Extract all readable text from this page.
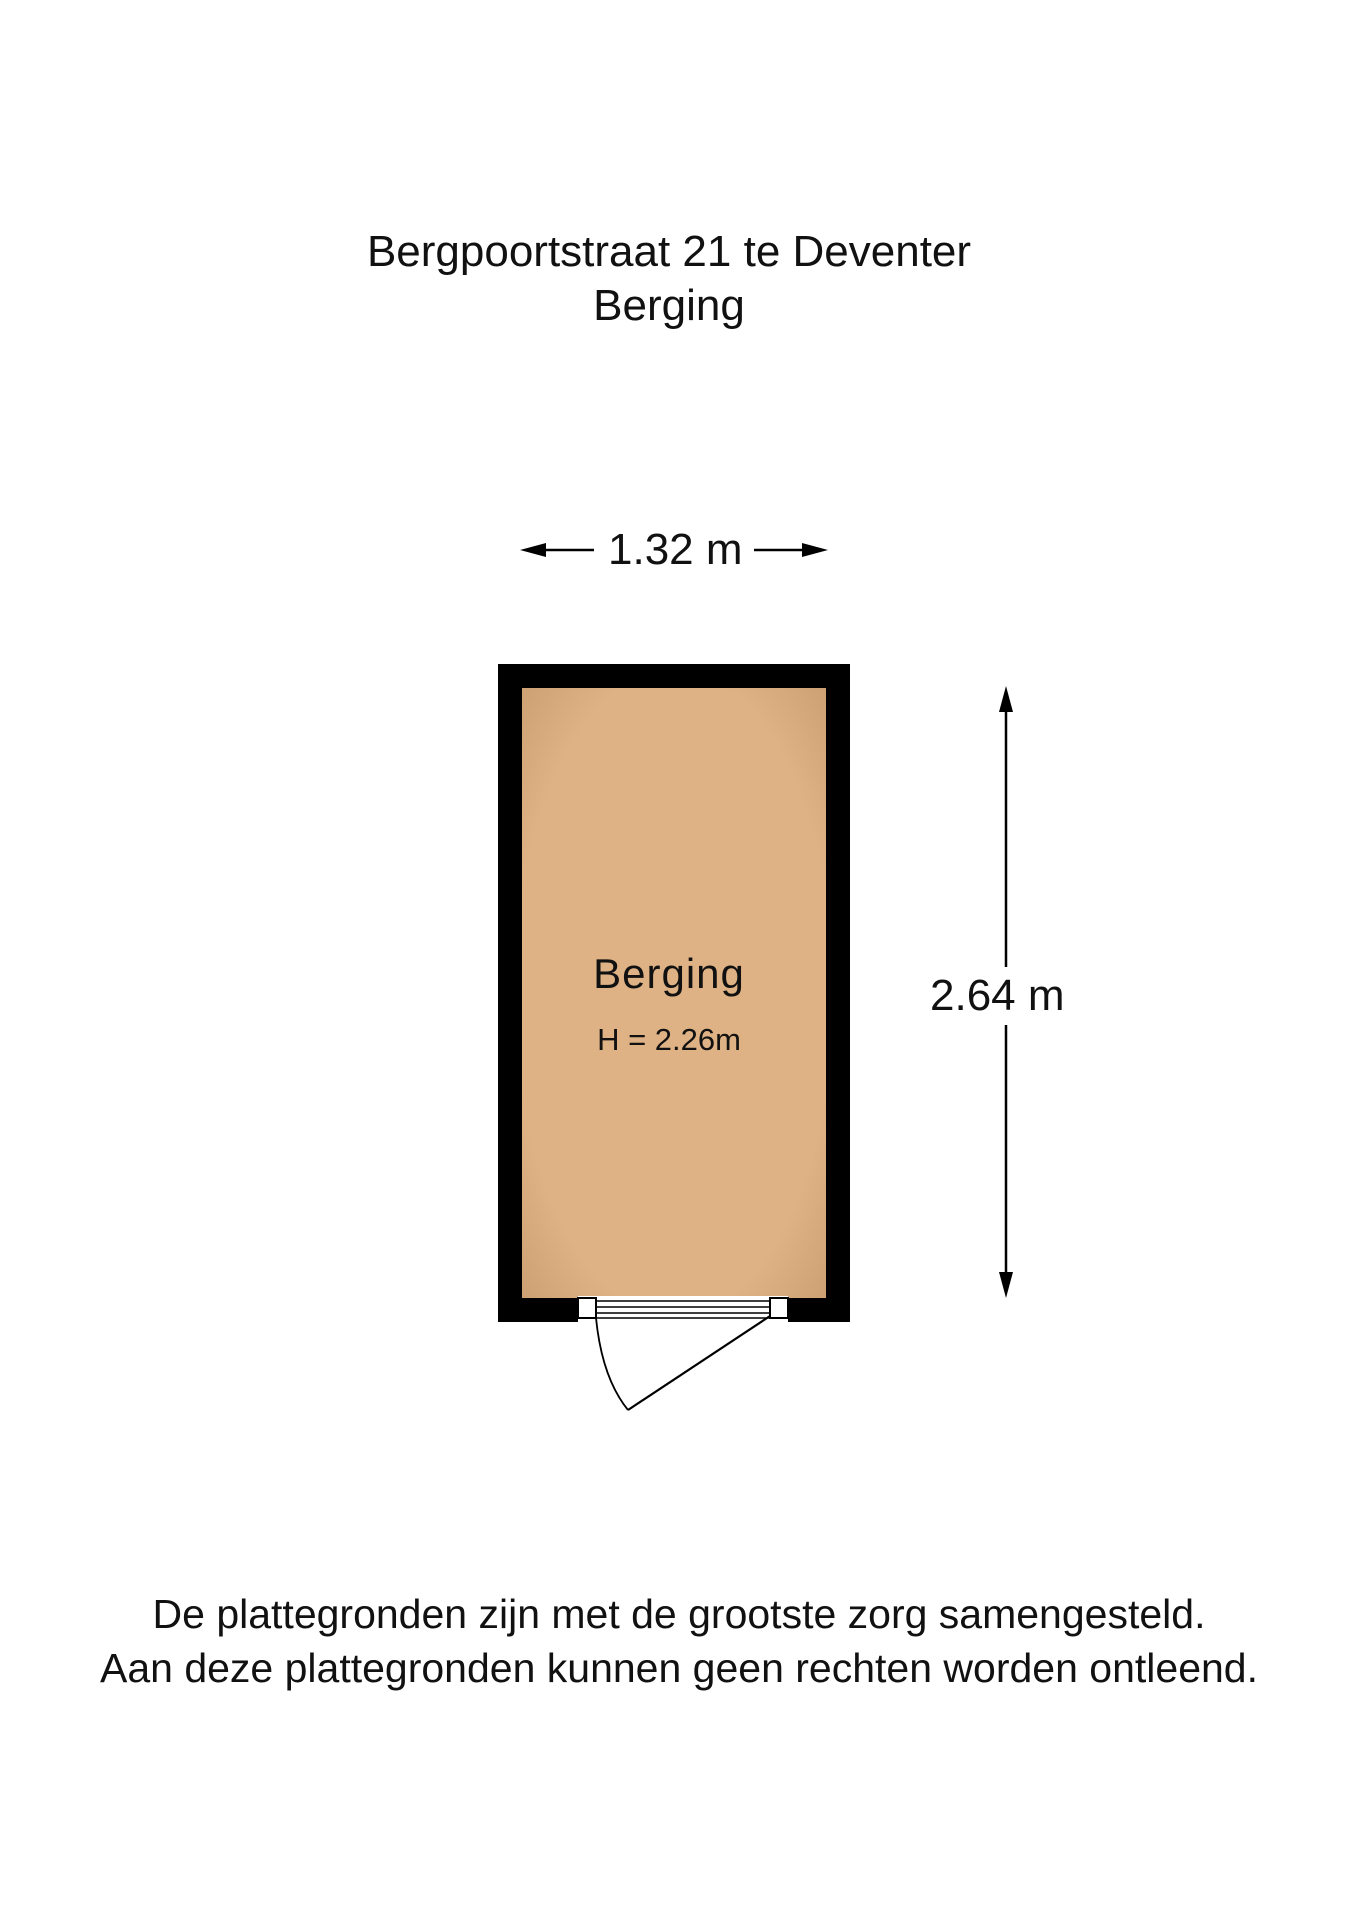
Bergpoortstraat 21 te Deventer
Berging
Berging
H = 2.26m
1.32 m
2.64 m
De plattegronden zijn met de grootste zorg samengesteld.
Aan deze plattegronden kunnen geen rechten worden ontleend.
